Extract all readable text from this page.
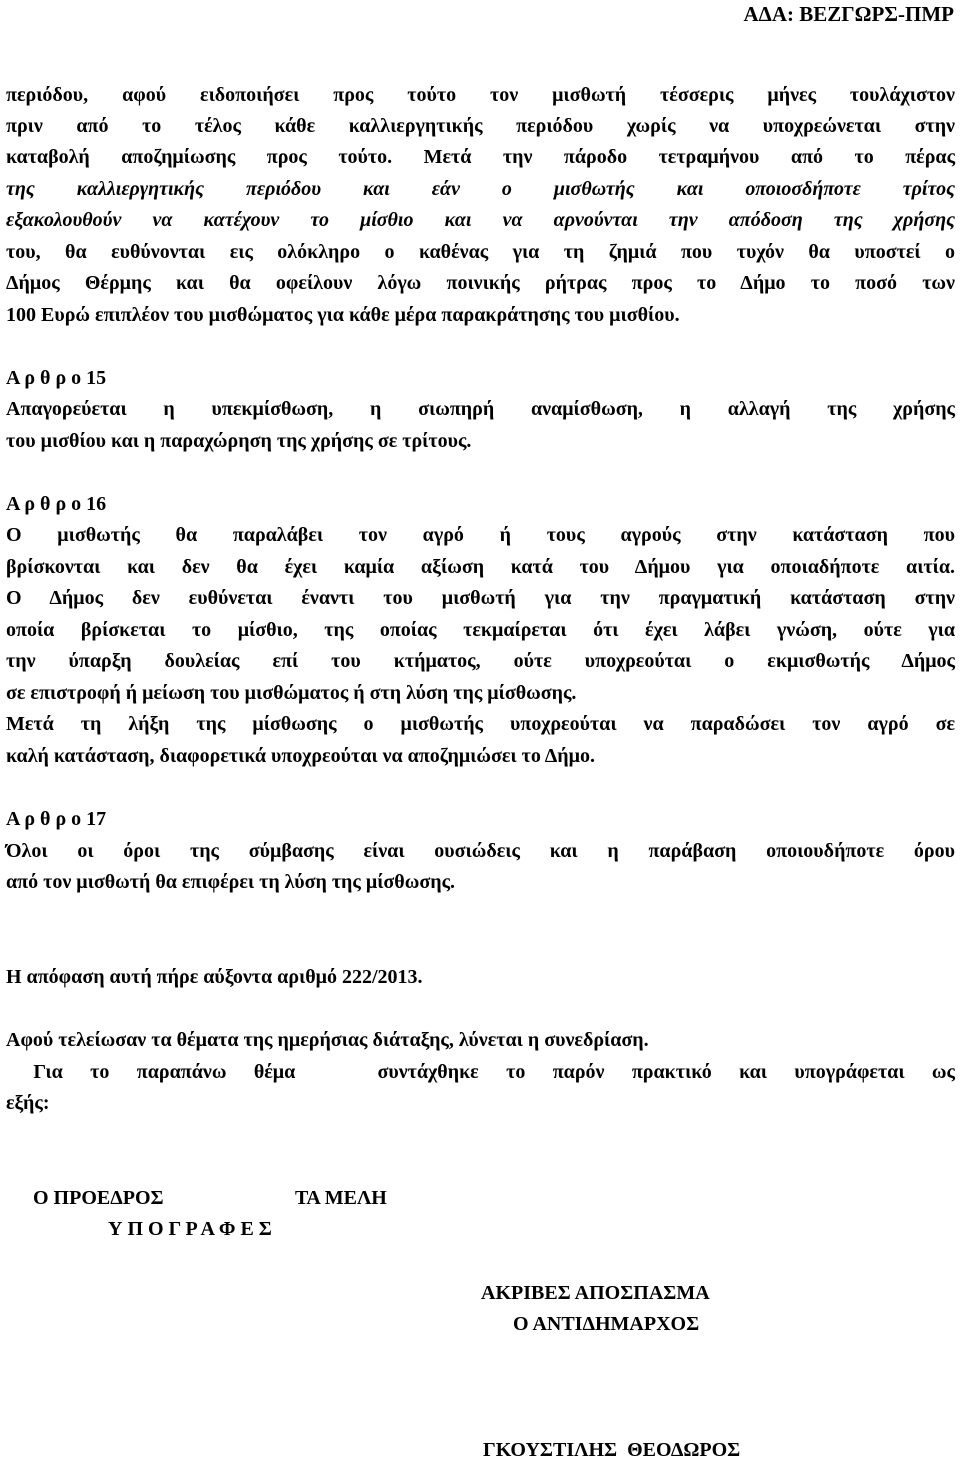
ΑΔΑ: ΒΕΖΓΩΡΣ-ΠΜΡ
περιόδου, αφού ειδοποιήσει προς τούτο τον μισθωτή τέσσερις μήνες τουλάχιστον
πριν από το τέλος κάθε καλλιεργητικής περιόδου χωρίς να υποχρεώνεται στην
καταβολή αποζημίωσης προς τούτο. Μετά την πάροδο τετραμήνου από το πέρας
της καλλιεργητικής περιόδου και εάν ο μισθωτής και οποιοσδήποτε τρίτος
εξακολουθούν να κατέχουν το μίσθιο και να αρνούνται την απόδοση της χρήσης
του, θα ευθύνονται εις ολόκληρο ο καθένας για τη ζημιά που τυχόν θα υποστεί ο
Δήμος Θέρμης και θα οφείλουν λόγω ποινικής ρήτρας προς το Δήμο το ποσό των
100 Ευρώ επιπλέον του μισθώματος για κάθε μέρα παρακράτησης του μισθίου.
Α ρ θ ρ ο 15
Απαγορεύεται η υπεκμίσθωση, η σιωπηρή αναμίσθωση, η αλλαγή της χρήσης
του μισθίου και η παραχώρηση της χρήσης σε τρίτους.
Α ρ θ ρ ο 16
Ο μισθωτής θα παραλάβει τον αγρό ή τους αγρούς στην κατάσταση που
βρίσκονται και δεν θα έχει καμία αξίωση κατά του Δήμου για οποιαδήποτε αιτία.
Ο Δήμος δεν ευθύνεται έναντι του μισθωτή για την πραγματική κατάσταση στην
οποία βρίσκεται το μίσθιο, της οποίας τεκμαίρεται ότι έχει λάβει γνώση, ούτε για
την ύπαρξη δουλείας επί του κτήματος, ούτε υποχρεούται ο εκμισθωτής Δήμος
σε επιστροφή ή μείωση του μισθώματος ή στη λύση της μίσθωσης.
Μετά τη λήξη της μίσθωσης ο μισθωτής υποχρεούται να παραδώσει τον αγρό σε
καλή κατάσταση, διαφορετικά υποχρεούται να αποζημιώσει το Δήμο.
Α ρ θ ρ ο 17
Όλοι οι όροι της σύμβασης είναι ουσιώδεις και η παράβαση οποιουδήποτε όρου
από τον μισθωτή θα επιφέρει τη λύση της μίσθωσης.
Η απόφαση αυτή πήρε αύξοντα αριθμό 222/2013.
Αφού τελείωσαν τα θέματα της ημερήσιας διάταξης, λύνεται η συνεδρίαση.
Για το παραπάνω θέμα   συντάχθηκε το παρόν πρακτικό και υπογράφεται ως
εξής:
Ο ΠΡΟΕΔΡΟΣ	ΤΑ ΜΕΛΗ
Υ Π Ο Γ Ρ Α Φ Ε Σ
ΑΚΡΙΒΕΣ ΑΠΟΣΠΑΣΜΑ
Ο ΑΝΤΙΔΗΜΑΡΧΟΣ
ΓΚΟΥΣΤΙΛΗΣ  ΘΕΟΔΩΡΟΣ
